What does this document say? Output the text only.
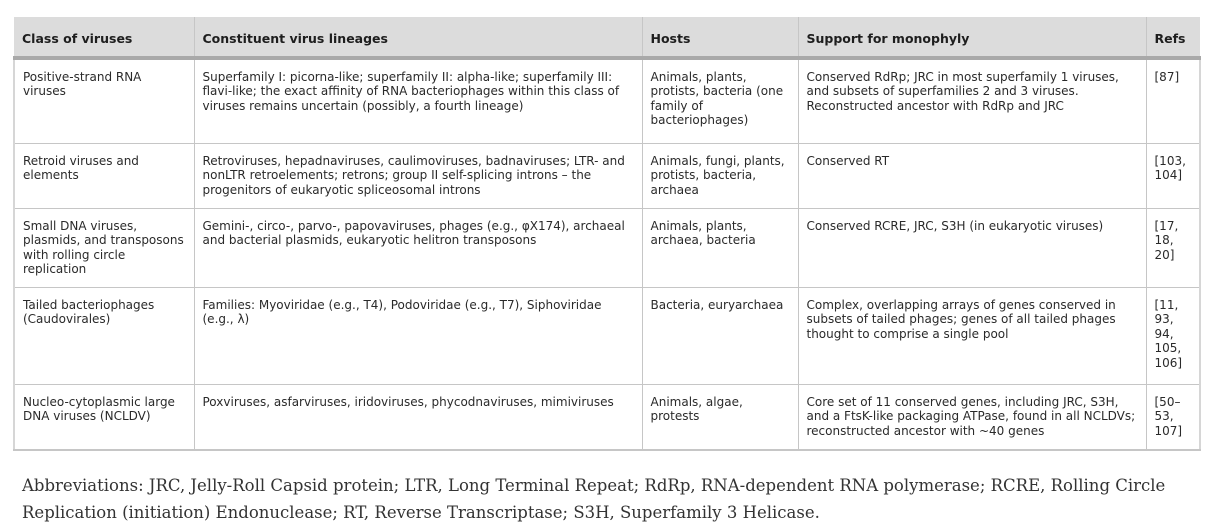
Class of viruses	Constituent virus lineages	Hosts	Support for monophyly	Refs
Positive-strand RNA viruses	Superfamily I: picorna-like; superfamily II: alpha-like; superfamily III: flavi-like; the exact affinity of RNA bacteriophages within this class of viruses remains uncertain (possibly, a fourth lineage)	Animals, plants, protists, bacteria (one family of bacteriophages)	Conserved RdRp; JRC in most superfamily 1 viruses, and subsets of superfamilies 2 and 3 viruses. Reconstructed ancestor with RdRp and JRC	[87]
Retroid viruses and elements	Retroviruses, hepadnaviruses, caulimoviruses, badnaviruses; LTR- and nonLTR retroelements; retrons; group II self-splicing introns – the progenitors of eukaryotic spliceosomal introns	Animals, fungi, plants, protists, bacteria, archaea	Conserved RT	[103, 104]
Small DNA viruses, plasmids, and transposons with rolling circle replication	Gemini-, circo-, parvo-, papovaviruses, phages (e.g., φX174), archaeal and bacterial plasmids, eukaryotic helitron transposons	Animals, plants, archaea, bacteria	Conserved RCRE, JRC, S3H (in eukaryotic viruses)	[17, 18, 20]
Tailed bacteriophages (Caudovirales)	Families: Myoviridae (e.g., T4), Podoviridae (e.g., T7), Siphoviridae (e.g., λ)	Bacteria, euryarchaea	Complex, overlapping arrays of genes conserved in subsets of tailed phages; genes of all tailed phages thought to comprise a single pool	[11, 93, 94, 105, 106]
Nucleo-cytoplasmic large DNA viruses (NCLDV)	Poxviruses, asfarviruses, iridoviruses, phycodnaviruses, mimiviruses	Animals, algae, protests	Core set of 11 conserved genes, including JRC, S3H, and a FtsK-like packaging ATPase, found in all NCLDVs; reconstructed ancestor with ~40 genes	[50–53, 107]

Abbreviations: JRC, Jelly-Roll Capsid protein; LTR, Long Terminal Repeat; RdRp, RNA-dependent RNA polymerase; RCRE, Rolling Circle Replication (initiation) Endonuclease; RT, Reverse Transcriptase; S3H, Superfamily 3 Helicase.
